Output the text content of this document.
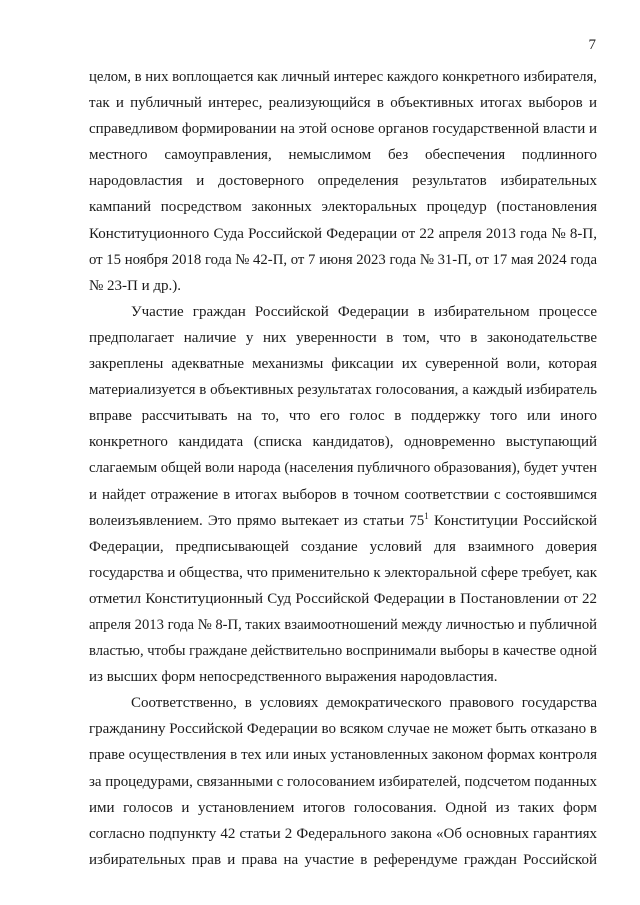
7
целом, в них воплощается как личный интерес каждого конкретного избирателя,
так и публичный интерес, реализующийся в объективных итогах выборов и
справедливом формировании на этой основе органов государственной власти и
местного самоуправления, немыслимом без обеспечения подлинного
народовластия и достоверного определения результатов избирательных
кампаний посредством законных электоральных процедур (постановления
Конституционного Суда Российской Федерации от 22 апреля 2013 года № 8-П,
от 15 ноября 2018 года № 42-П, от 7 июня 2023 года № 31-П, от 17 мая 2024 года
№ 23-П и др.).
Участие граждан Российской Федерации в избирательном процессе
предполагает наличие у них уверенности в том, что в законодательстве
закреплены адекватные механизмы фиксации их суверенной воли, которая
материализуется в объективных результатах голосования, а каждый избиратель
вправе рассчитывать на то, что его голос в поддержку того или иного
конкретного кандидата (списка кандидатов), одновременно выступающий
слагаемым общей воли народа (населения публичного образования), будет учтен
и найдет отражение в итогах выборов в точном соответствии с состоявшимся
волеизъявлением. Это прямо вытекает из статьи $75^1$ Конституции Российской
Федерации, предписывающей создание условий для взаимного доверия
государства и общества, что применительно к электоральной сфере требует, как
отметил Конституционный Суд Российской Федерации в Постановлении от 22
апреля 2013 года № 8-П, таких взаимоотношений между личностью и публичной
властью, чтобы граждане действительно воспринимали выборы в качестве одной
из высших форм непосредственного выражения народовластия.
Соответственно, в условиях демократического правового государства
гражданину Российской Федерации во всяком случае не может быть отказано в
праве осуществления в тех или иных установленных законом формах контроля
за процедурами, связанными с голосованием избирателей, подсчетом поданных
ими голосов и установлением итогов голосования. Одной из таких форм
согласно подпункту 42 статьи 2 Федерального закона «Об основных гарантиях
избирательных прав и права на участие в референдуме граждан Российской
